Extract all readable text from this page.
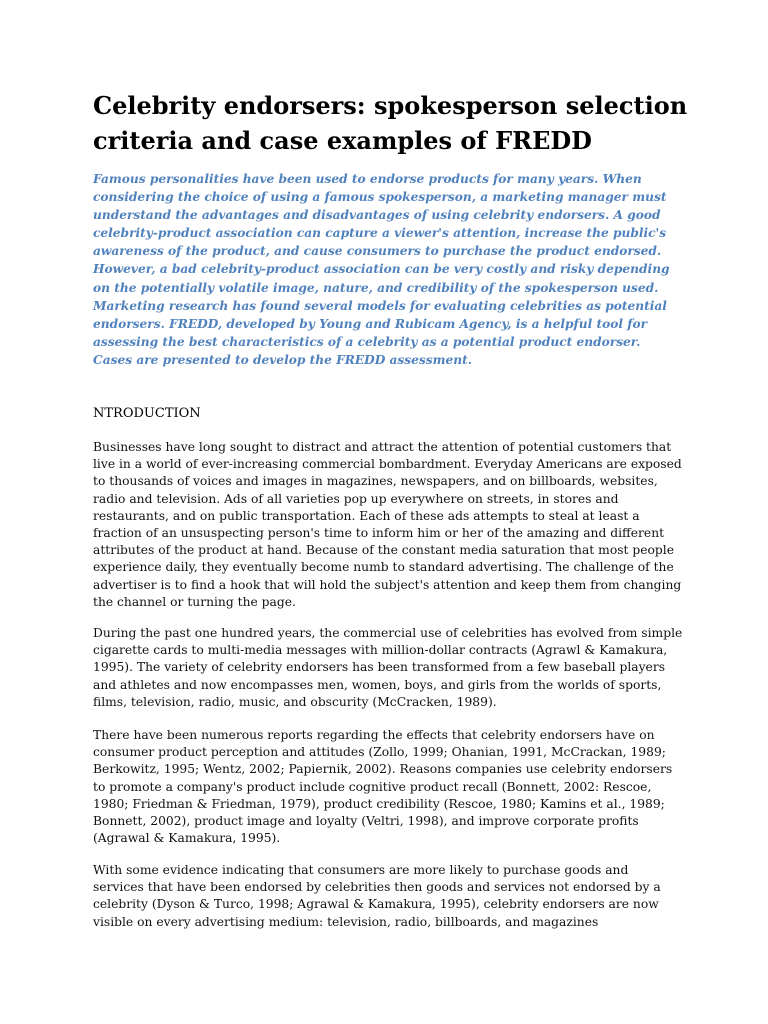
Celebrity endorsers: spokesperson selection criteria and case examples of FREDD

Famous personalities have been used to endorse products for many years. When considering the choice of using a famous spokesperson, a marketing manager must understand the advantages and disadvantages of using celebrity endorsers. A good celebrity-product association can capture a viewer's attention, increase the public's awareness of the product, and cause consumers to purchase the product endorsed. However, a bad celebrity-product association can be very costly and risky depending on the potentially volatile image, nature, and credibility of the spokesperson used. Marketing research has found several models for evaluating celebrities as potential endorsers. FREDD, developed by Young and Rubicam Agency, is a helpful tool for assessing the best characteristics of a celebrity as a potential product endorser. Cases are presented to develop the FREDD assessment.

NTRODUCTION

Businesses have long sought to distract and attract the attention of potential customers that live in a world of ever-increasing commercial bombardment. Everyday Americans are exposed to thousands of voices and images in magazines, newspapers, and on billboards, websites, radio and television. Ads of all varieties pop up everywhere on streets, in stores and restaurants, and on public transportation. Each of these ads attempts to steal at least a fraction of an unsuspecting person's time to inform him or her of the amazing and different attributes of the product at hand. Because of the constant media saturation that most people experience daily, they eventually become numb to standard advertising. The challenge of the advertiser is to find a hook that will hold the subject's attention and keep them from changing the channel or turning the page.

During the past one hundred years, the commercial use of celebrities has evolved from simple cigarette cards to multi-media messages with million-dollar contracts (Agrawl & Kamakura, 1995). The variety of celebrity endorsers has been transformed from a few baseball players and athletes and now encompasses men, women, boys, and girls from the worlds of sports, films, television, radio, music, and obscurity (McCracken, 1989).

There have been numerous reports regarding the effects that celebrity endorsers have on consumer product perception and attitudes (Zollo, 1999; Ohanian, 1991, McCrackan, 1989; Berkowitz, 1995; Wentz, 2002; Papiernik, 2002). Reasons companies use celebrity endorsers to promote a company's product include cognitive product recall (Bonnett, 2002: Rescoe, 1980; Friedman & Friedman, 1979), product credibility (Rescoe, 1980; Kamins et al., 1989; Bonnett, 2002), product image and loyalty (Veltri, 1998), and improve corporate profits (Agrawal & Kamakura, 1995).

With some evidence indicating that consumers are more likely to purchase goods and services that have been endorsed by celebrities then goods and services not endorsed by a celebrity (Dyson & Turco, 1998; Agrawal & Kamakura, 1995), celebrity endorsers are now visible on every advertising medium: television, radio, billboards, and magazines
